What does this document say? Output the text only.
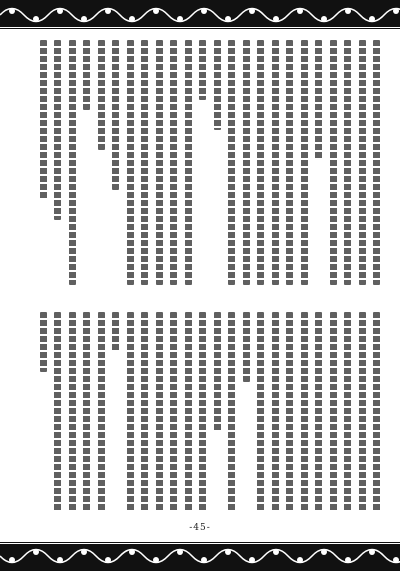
-45-
